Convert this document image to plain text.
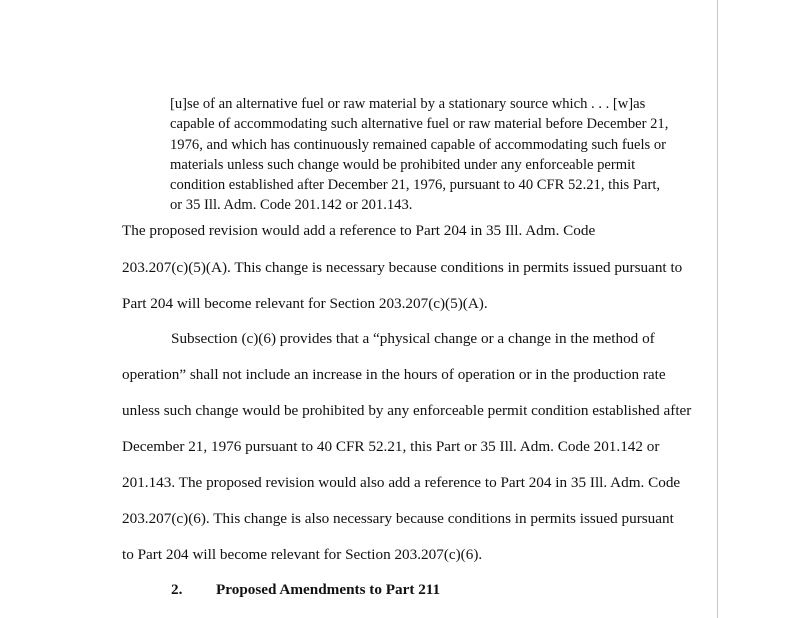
[u]se of an alternative fuel or raw material by a stationary source which . . . [w]as
capable of accommodating such alternative fuel or raw material before December 21,
1976, and which has continuously remained capable of accommodating such fuels or
materials unless such change would be prohibited under any enforceable permit
condition established after December 21, 1976, pursuant to 40 CFR 52.21, this Part,
or 35 Ill. Adm. Code 201.142 or 201.143.
The proposed revision would add a reference to Part 204 in 35 Ill. Adm. Code
203.207(c)(5)(A). This change is necessary because conditions in permits issued pursuant to
Part 204 will become relevant for Section 203.207(c)(5)(A).
Subsection (c)(6) provides that a “physical change or a change in the method of
operation” shall not include an increase in the hours of operation or in the production rate
unless such change would be prohibited by any enforceable permit condition established after
December 21, 1976 pursuant to 40 CFR 52.21, this Part or 35 Ill. Adm. Code 201.142 or
201.143. The proposed revision would also add a reference to Part 204 in 35 Ill. Adm. Code
203.207(c)(6). This change is also necessary because conditions in permits issued pursuant
to Part 204 will become relevant for Section 203.207(c)(6).
2. Proposed Amendments to Part 211
